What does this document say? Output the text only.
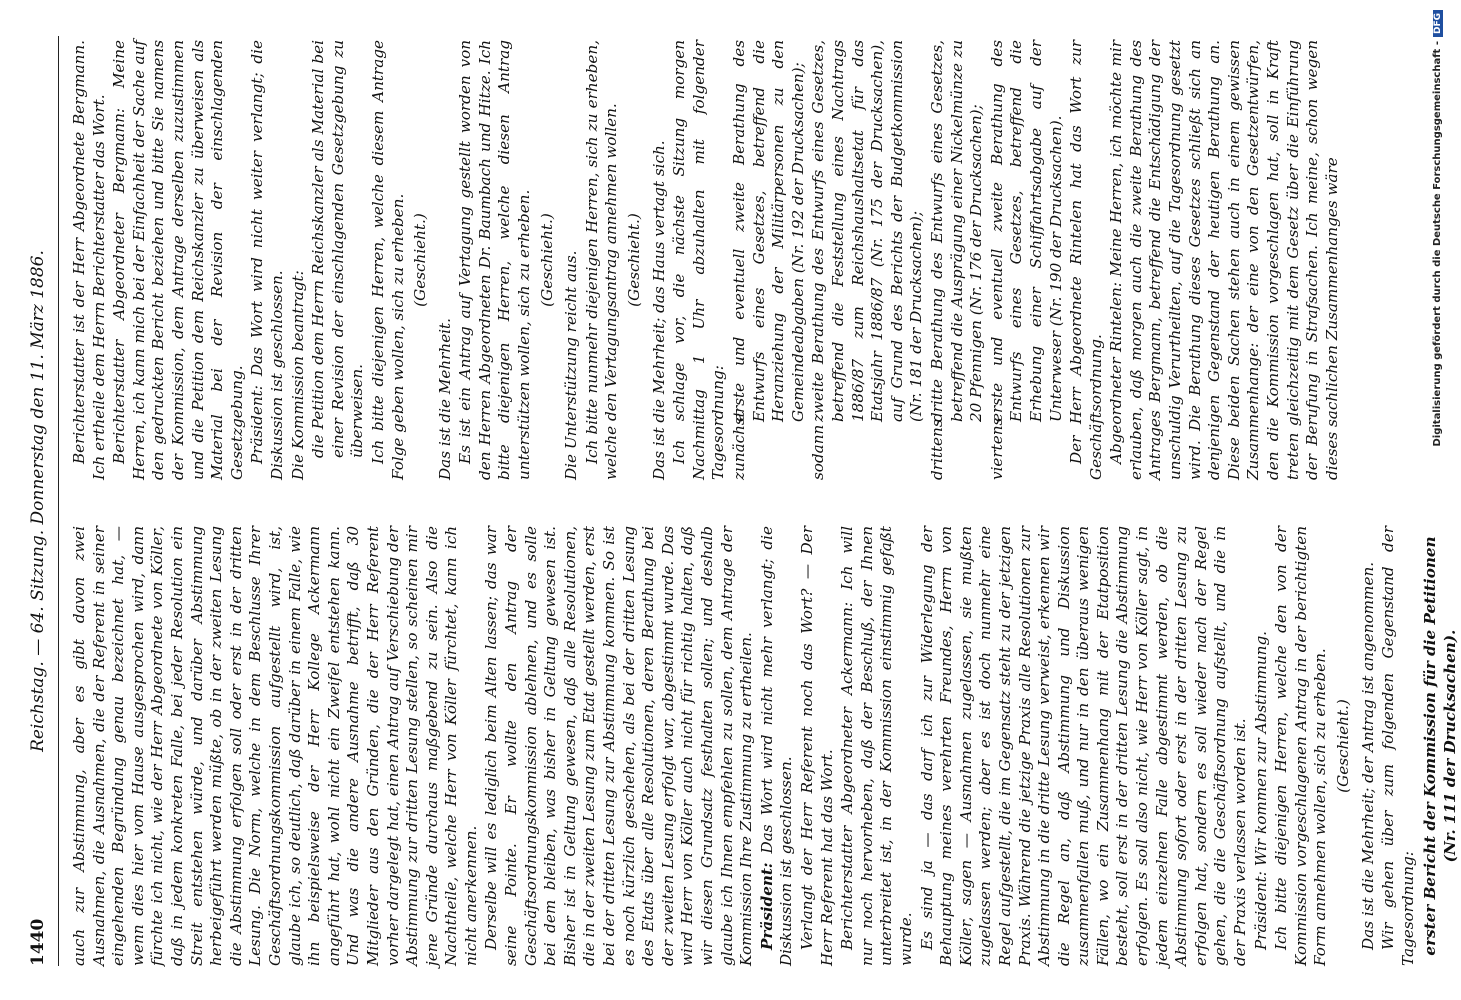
1440
Reichstag. — 64. Sitzung. Donnerstag den 11. März 1886. auch zur Abstimmung, aber es gibt davon zwei Ausnahmen, die Ausnahmen, die der Referent in seiner eingehenden Begründung genau bezeichnet hat, — wenn dies hier vom Hause ausgesprochen wird, dann fürchte ich nicht, wie der Herr Abgeordnete von Köller, daß in jedem konkreten Falle, bei jeder Resolution ein Streit entstehen würde, und darüber Abstimmung herbeigeführt werden müßte, ob in der zweiten Lesung die Abstimmung erfolgen soll oder erst in der dritten Lesung. Die Norm, welche in dem Beschlusse Ihrer Geschäftsordnungskommission aufgestellt wird, ist, glaube ich, so deutlich, daß darüber in einem Falle, wie ihn beispielsweise der Herr Kollege Ackermann angeführt hat, wohl nicht ein Zweifel entstehen kann. Und was die andere Ausnahme betrifft, daß 30 Mitglieder aus den Gründen, die der Herr Referent vorher dargelegt hat, einen Antrag auf Verschiebung der Abstimmung zur dritten Lesung stellen, so scheinen mir jene Gründe durchaus maßgebend zu sein. Also die Nachtheile, welche Herr von Köller fürchtet, kann ich nicht anerkennen. Derselbe will es lediglich beim Alten lassen; das war seine Pointe. Er wollte den Antrag der Geschäftsordnungskommission ablehnen, und es solle bei dem bleiben, was bisher in Geltung gewesen ist. Bisher ist in Geltung gewesen, daß alle Resolutionen, die in der zweiten Lesung zum Etat gestellt werden, erst bei der dritten Lesung zur Abstimmung kommen. So ist es noch kürzlich geschehen, als bei der dritten Lesung des Etats über alle Resolutionen, deren Berathung bei der zweiten Lesung erfolgt war, abgestimmt wurde. Das wird Herr von Köller auch nicht für richtig halten, daß wir diesen Grundsatz festhalten sollen; und deshalb glaube ich Ihnen empfehlen zu sollen, dem Antrage der Kommission Ihre Zustimmung zu ertheilen. Präsident: Das Wort wird nicht mehr verlangt; die Diskussion ist geschlossen. Verlangt der Herr Referent noch das Wort? — Der Herr Referent hat das Wort. Berichterstatter Abgeordneter Ackermann: Ich will nur noch hervorheben, daß der Beschluß, der Ihnen unterbreitet ist, in der Kommission einstimmig gefaßt wurde. Es sind ja — das darf ich zur Widerlegung der Behauptung meines verehrten Freundes, Herrn von Köller, sagen — Ausnahmen zugelassen, sie mußten zugelassen werden; aber es ist doch nunmehr eine Regel aufgestellt, die im Gegensatz steht zu der jetzigen Praxis. Während die jetzige Praxis alle Resolutionen zur Abstimmung in die dritte Lesung verweist, erkennen wir die Regel an, daß Abstimmung und Diskussion zusammenfallen muß, und nur in den überaus wenigen Fällen, wo ein Zusammenhang mit der Etatposition besteht, soll erst in der dritten Lesung die Abstimmung erfolgen. Es soll also nicht, wie Herr von Köller sagt, in jedem einzelnen Falle abgestimmt werden, ob die Abstimmung sofort oder erst in der dritten Lesung zu erfolgen hat, sondern es soll wieder nach der Regel gehen, die die Geschäftsordnung aufstellt, und die in der Praxis verlassen worden ist. Präsident: Wir kommen zur Abstimmung. Ich bitte diejenigen Herren, welche den von der Kommission vorgeschlagenen Antrag in der berichtigten Form annehmen wollen, sich zu erheben. (Geschieht.) Das ist die Mehrheit; der Antrag ist angenommen. Wir gehen über zum folgenden Gegenstand der Tagesordnung: erster Bericht der Kommission für die Petitionen (Nr. 111 der Drucksachen).

Berichterstatter ist der Herr Abgeordnete Bergmann. Ich ertheile dem Herrn Berichterstatter das Wort. Berichterstatter Abgeordneter Bergmann: Meine Herren, ich kann mich bei der Einfachheit der Sache auf den gedruckten Bericht beziehen und bitte Sie namens der Kommission, dem Antrage derselben zuzustimmen und die Petition dem Reichskanzler zu überweisen als Material bei der Revision der einschlagenden Gesetzgebung. Präsident: Das Wort wird nicht weiter verlangt; die Diskussion ist geschlossen. Die Kommission beantragt: die Petition dem Herrn Reichskanzler als Material bei einer Revision der einschlagenden Gesetzgebung zu überweisen. Ich bitte diejenigen Herren, welche diesem Antrage Folge geben wollen, sich zu erheben. (Geschieht.)

Das ist die Mehrheit. Es ist ein Antrag auf Vertagung gestellt worden von den Herren Abgeordneten Dr. Baumbach und Hitze. Ich bitte diejenigen Herren, welche diesen Antrag unterstützen wollen, sich zu erheben. (Geschieht.) Die Unterstützung reicht aus. Ich bitte nunmehr diejenigen Herren, sich zu erheben, welche den Vertagungsantrag annehmen wollen. (Geschieht.) Das ist die Mehrheit; das Haus vertagt sich. Ich schlage vor, die nächste Sitzung morgen Nachmittag 1 Uhr abzuhalten mit folgender Tagesordnung: zunächst
erste und eventuell zweite Berathung des Entwurfs eines Gesetzes, betreffend die Heranziehung der Militärpersonen zu den Gemeindeabgaben (Nr. 192 der Drucksachen);

sodann
zweite Berathung des Entwurfs eines Gesetzes, betreffend die Feststellung eines Nachtrags 1886/87 zum Reichshaushaltsetat für das Etatsjahr 1886/87 (Nr. 175 der Drucksachen), auf Grund des Berichts der Budgetkommission (Nr. 181 der Drucksachen);

drittens
dritte Berathung des Entwurfs eines Gesetzes, betreffend die Ausprägung einer Nickelmünze zu 20 Pfennigen (Nr. 176 der Drucksachen);

viertens
erste und eventuell zweite Berathung des Entwurfs eines Gesetzes, betreffend die Erhebung einer Schiffahrtsabgabe auf der Unterweser (Nr. 190 der Drucksachen). Der Herr Abgeordnete Rintelen hat das Wort zur Geschäftsordnung. Abgeordneter Rintelen: Meine Herren, ich möchte mir erlauben, daß morgen auch die zweite Berathung des Antrages Bergmann, betreffend die Entschädigung der unschuldig Verurtheilten, auf die Tagesordnung gesetzt wird. Die Berathung dieses Gesetzes schließt sich an denjenigen Gegenstand der heutigen Berathung an. Diese beiden Sachen stehen auch in einem gewissen Zusammenhange: der eine von den Gesetzentwürfen, den die Kommission vorgeschlagen hat, soll in Kraft treten gleichzeitig mit dem Gesetz über die Einführung der Berufung in Strafsachen. Ich meine, schon wegen dieses sachlichen Zusammenhanges wäre	Digitalisierung gefördert durch die Deutsche Forschungsgemeinschaft -DFG
